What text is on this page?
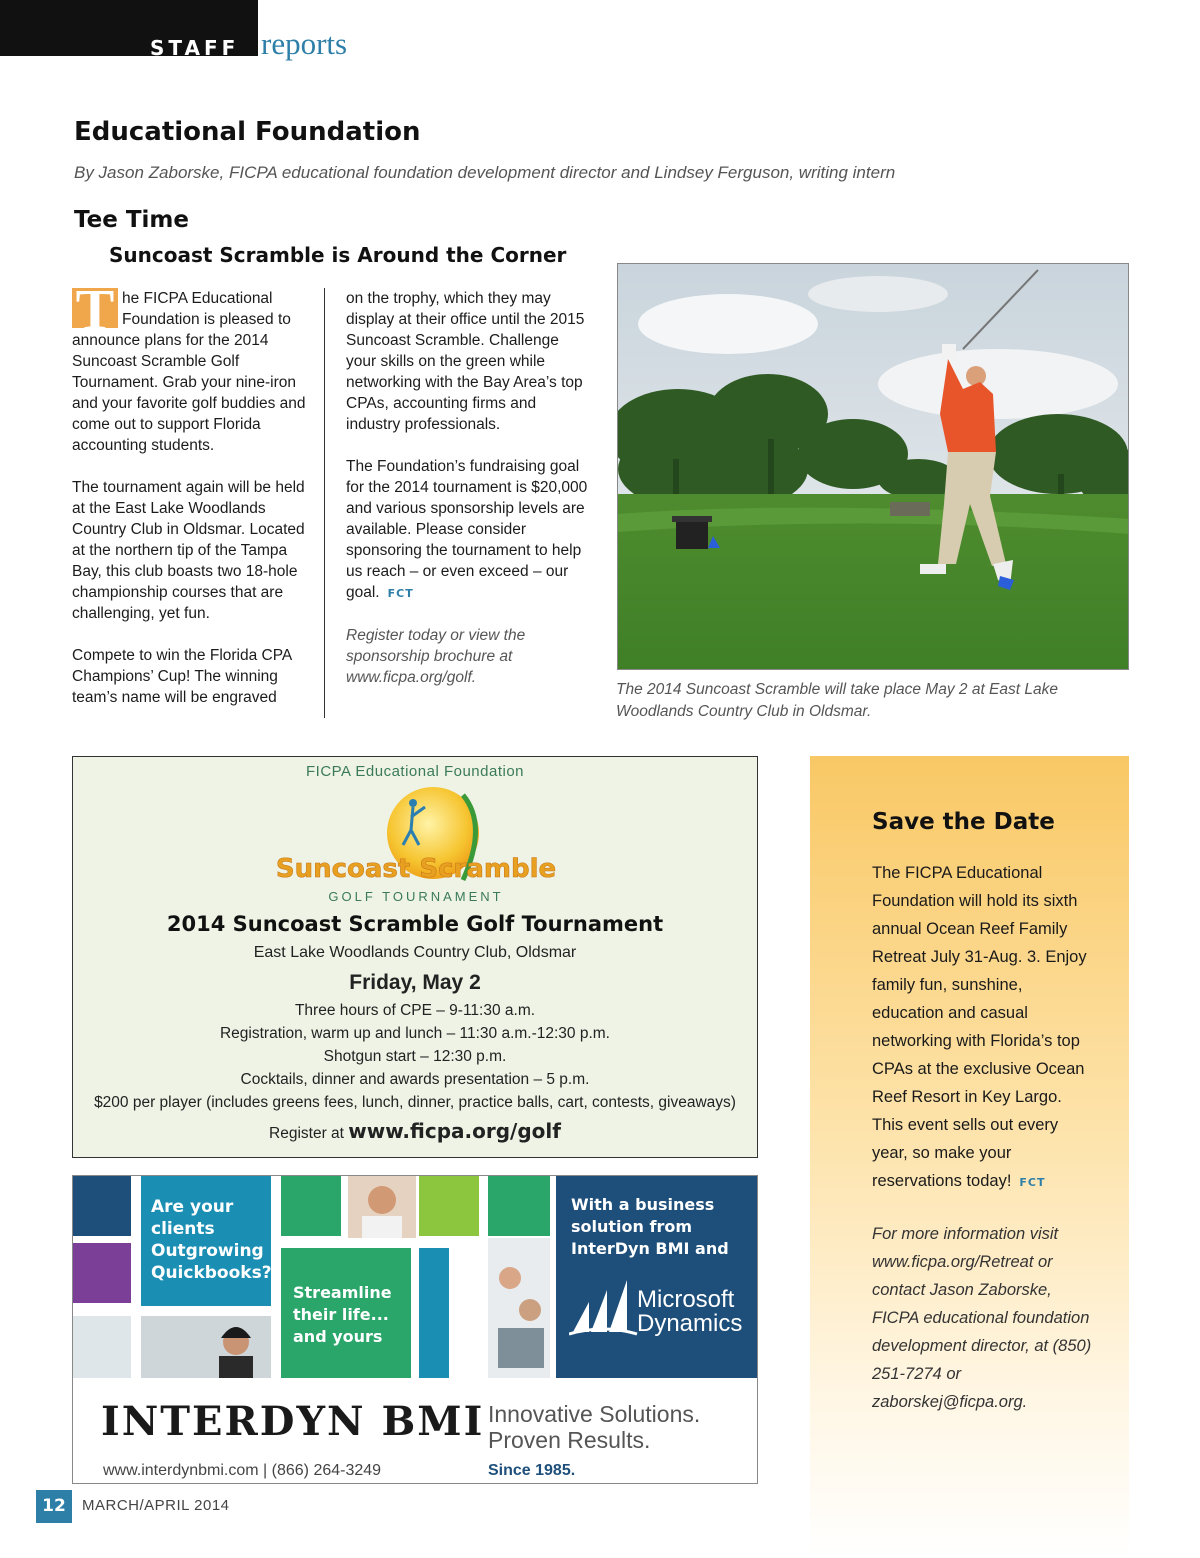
STAFF reports
Educational Foundation
By Jason Zaborske, FICPA educational foundation development director and Lindsey Ferguson, writing intern
Tee Time
Suncoast Scramble is Around the Corner

T he FICPA Educational Foundation is pleased to announce plans for the 2014 Suncoast Scramble Golf Tournament. Grab your nine-iron and your favorite golf buddies and come out to support Florida accounting students.

The tournament again will be held at the East Lake Woodlands Country Club in Oldsmar. Located at the northern tip of the Tampa Bay, this club boasts two 18-hole championship courses that are challenging, yet fun.

Compete to win the Florida CPA Champions’ Cup! The winning team’s name will be engraved

on the trophy, which they may display at their office until the 2015 Suncoast Scramble. Challenge your skills on the green while networking with the Bay Area’s top CPAs, accounting firms and industry professionals.

The Foundation’s fundraising goal for the 2014 tournament is $20,000 and various sponsorship levels are available. Please consider sponsoring the tournament to help us reach – or even exceed – our goal. FCT

Register today or view the sponsorship brochure at www.ficpa.org/golf.

The 2014 Suncoast Scramble will take place May 2 at East Lake Woodlands Country Club in Oldsmar.
FICPA Educational Foundation
Suncoast Scramble
GOLF TOURNAMENT
2014 Suncoast Scramble Golf Tournament
East Lake Woodlands Country Club, Oldsmar
Friday, May 2
Three hours of CPE – 9-11:30 a.m.
Registration, warm up and lunch – 11:30 a.m.-12:30 p.m.
Shotgun start – 12:30 p.m.
Cocktails, dinner and awards presentation – 5 p.m.
$200 per player (includes greens fees, lunch, dinner, practice balls, cart, contests, giveaways)
Register at www.ficpa.org/golf
Are your clients Outgrowing Quickbooks?
Streamline their life... and yours
With a business solution from InterDyn BMI and
Microsoft
Dynamics
INTERDYN BMI
www.interdynbmi.com | (866) 264-3249
Innovative Solutions.
Proven Results.
Since 1985.
Save the Date
The FICPA Educational Foundation will hold its sixth annual Ocean Reef Family Retreat July 31-Aug. 3. Enjoy family fun, sunshine, education and casual networking with Florida’s top CPAs at the exclusive Ocean Reef Resort in Key Largo. This event sells out every year, so make your reservations today! FCT
For more information visit www.ficpa.org/Retreat or contact Jason Zaborske, FICPA educational foundation development director, at (850) 251-7274 or zaborskej@ficpa.org.
12	MARCH/APRIL 2014
